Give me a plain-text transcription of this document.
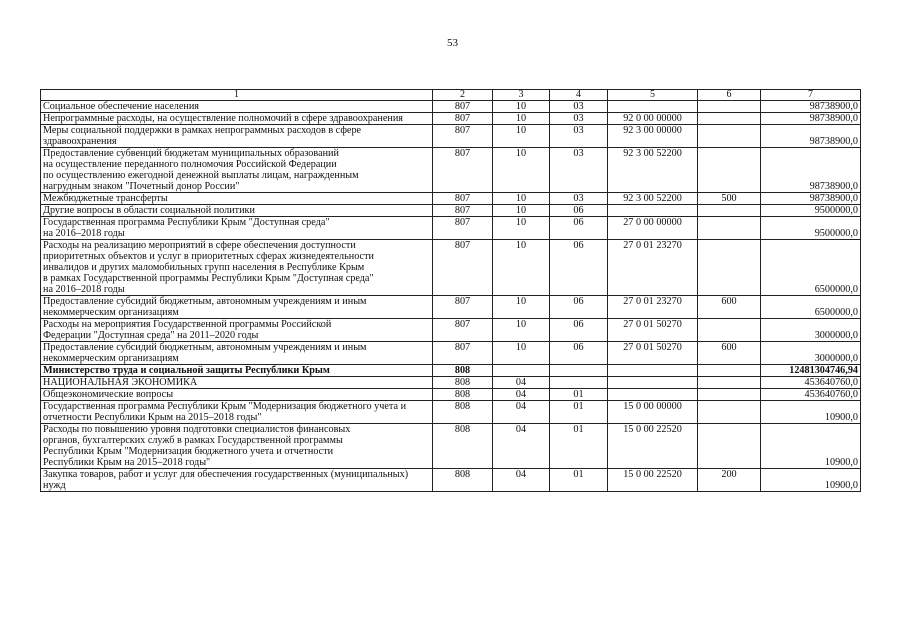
53
1	2	3	4	5	6	7
Социальное обеспечение населения	807	10	03			98738900,0
Непрограммные расходы, на осуществление полномочий в сфере здравоохранения	807	10	03	92 0 00 00000		98738900,0
Меры социальной поддержки в рамках непрограммных расходов в сфере здравоохранения	807	10	03	92 3 00 00000		98738900,0
Предоставление субвенций бюджетам муниципальных образований
на осуществление переданного полномочия Российской Федерации
по осуществлению ежегодной денежной выплаты лицам, награжденным
нагрудным знаком "Почетный донор России"	807	10	03	92 3 00 52200		98738900,0
Межбюджетные трансферты	807	10	03	92 3 00 52200	500	98738900,0
Другие вопросы в области социальной политики	807	10	06			9500000,0
Государственная программа Республики Крым "Доступная среда"
на 2016–2018 годы	807	10	06	27 0 00 00000		9500000,0
Расходы на реализацию мероприятий в сфере обеспечения доступности
приоритетных объектов и услуг в приоритетных сферах жизнедеятельности
инвалидов и других маломобильных групп населения в Республике Крым
в рамках Государственной программы Республики Крым "Доступная среда"
на 2016–2018 годы	807	10	06	27 0 01 23270		6500000,0
Предоставление субсидий бюджетным, автономным учреждениям и иным некоммерческим организациям	807	10	06	27 0 01 23270	600	6500000,0
Расходы на мероприятия Государственной программы Российской
Федерации "Доступная среда" на 2011–2020 годы	807	10	06	27 0 01 50270		3000000,0
Предоставление субсидий бюджетным, автономным учреждениям и иным некоммерческим организациям	807	10	06	27 0 01 50270	600	3000000,0
Министерство труда и социальной защиты Республики Крым	808					12481304746,94
НАЦИОНАЛЬНАЯ ЭКОНОМИКА	808	04				453640760,0
Общеэкономические вопросы	808	04	01			453640760,0
Государственная программа Республики Крым "Модернизация бюджетного учета и отчетности Республики Крым на 2015–2018 годы"	808	04	01	15 0 00 00000		10900,0
Расходы по повышению уровня подготовки специалистов финансовых
органов, бухгалтерских служб в рамках Государственной программы
Республики Крым "Модернизация бюджетного учета и отчетности
Республики Крым на 2015–2018 годы"	808	04	01	15 0 00 22520		10900,0
Закупка товаров, работ и услуг для обеспечения государственных (муниципальных) нужд	808	04	01	15 0 00 22520	200	10900,0
